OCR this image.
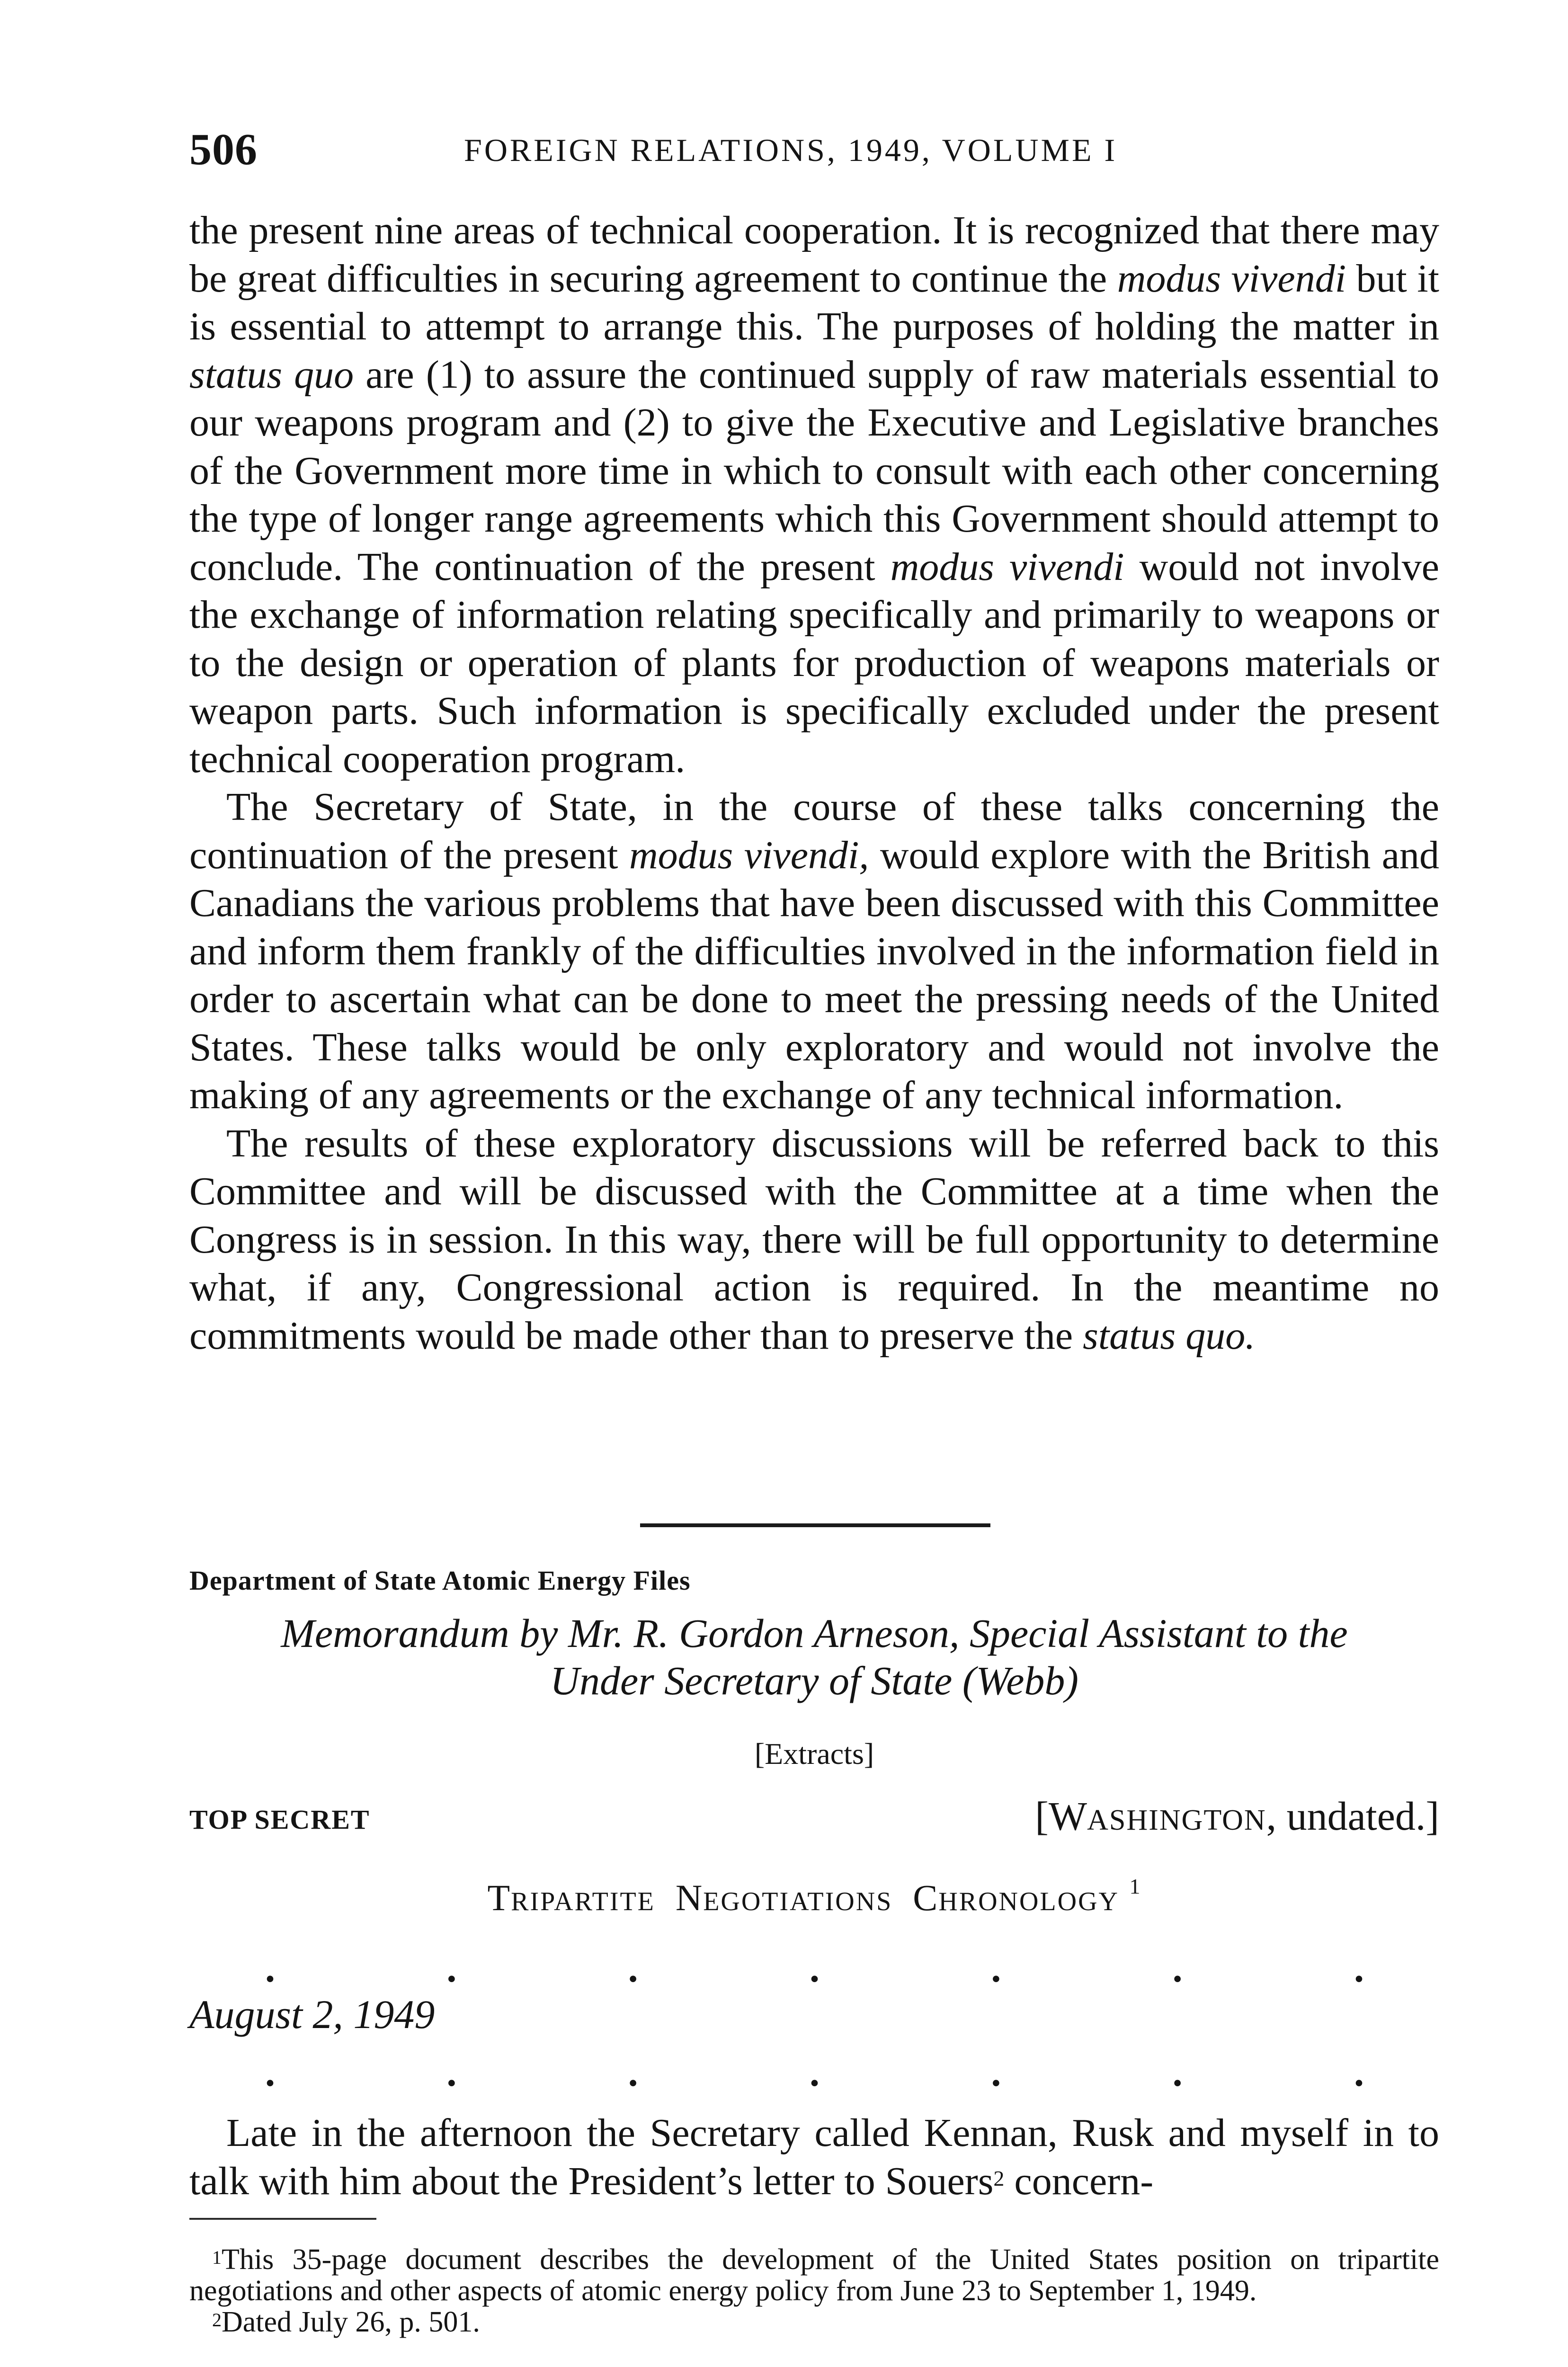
506	FOREIGN RELATIONS, 1949, VOLUME I

the present nine areas of technical cooperation. It is recognized that there may be great difficulties in securing agreement to continue the modus vivendi but it is essential to attempt to arrange this. The purposes of holding the matter in status quo are (1) to assure the continued supply of raw materials essential to our weapons program and (2) to give the Executive and Legislative branches of the Government more time in which to consult with each other concerning the type of longer range agreements which this Government should attempt to conclude. The continuation of the present modus vivendi would not involve the exchange of information relating specifically and primarily to weapons or to the design or operation of plants for production of weapons materials or weapon parts. Such information is specifically excluded under the present technical cooperation program.

The Secretary of State, in the course of these talks concerning the continuation of the present modus vivendi, would explore with the British and Canadians the various problems that have been discussed with this Committee and inform them frankly of the difficulties involved in the information field in order to ascertain what can be done to meet the pressing needs of the United States. These talks would be only exploratory and would not involve the making of any agreements or the exchange of any technical information.

The results of these exploratory discussions will be referred back to this Committee and will be discussed with the Committee at a time when the Congress is in session. In this way, there will be full opportunity to determine what, if any, Congressional action is required. In the meantime no commitments would be made other than to preserve the status quo.

Department of State Atomic Energy Files
Memorandum by Mr. R. Gordon Arneson, Special Assistant to the
Under Secretary of State (Webb)
[Extracts]
TOP SECRET	[WASHINGTON, undated.]
TRIPARTITE NEGOTIATIONS CHRONOLOGY $^1$
.	.	.	.	.	.	.
August 2, 1949
.	.	.	.	.	.	.

Late in the afternoon the Secretary called Kennan, Rusk and myself in to talk with him about the President’s letter to Souers$^2$ concern-

$^1$This 35-page document describes the development of the United States position on tripartite negotiations and other aspects of atomic energy policy from June 23 to September 1, 1949.

$^2$Dated July 26, p. 501.
